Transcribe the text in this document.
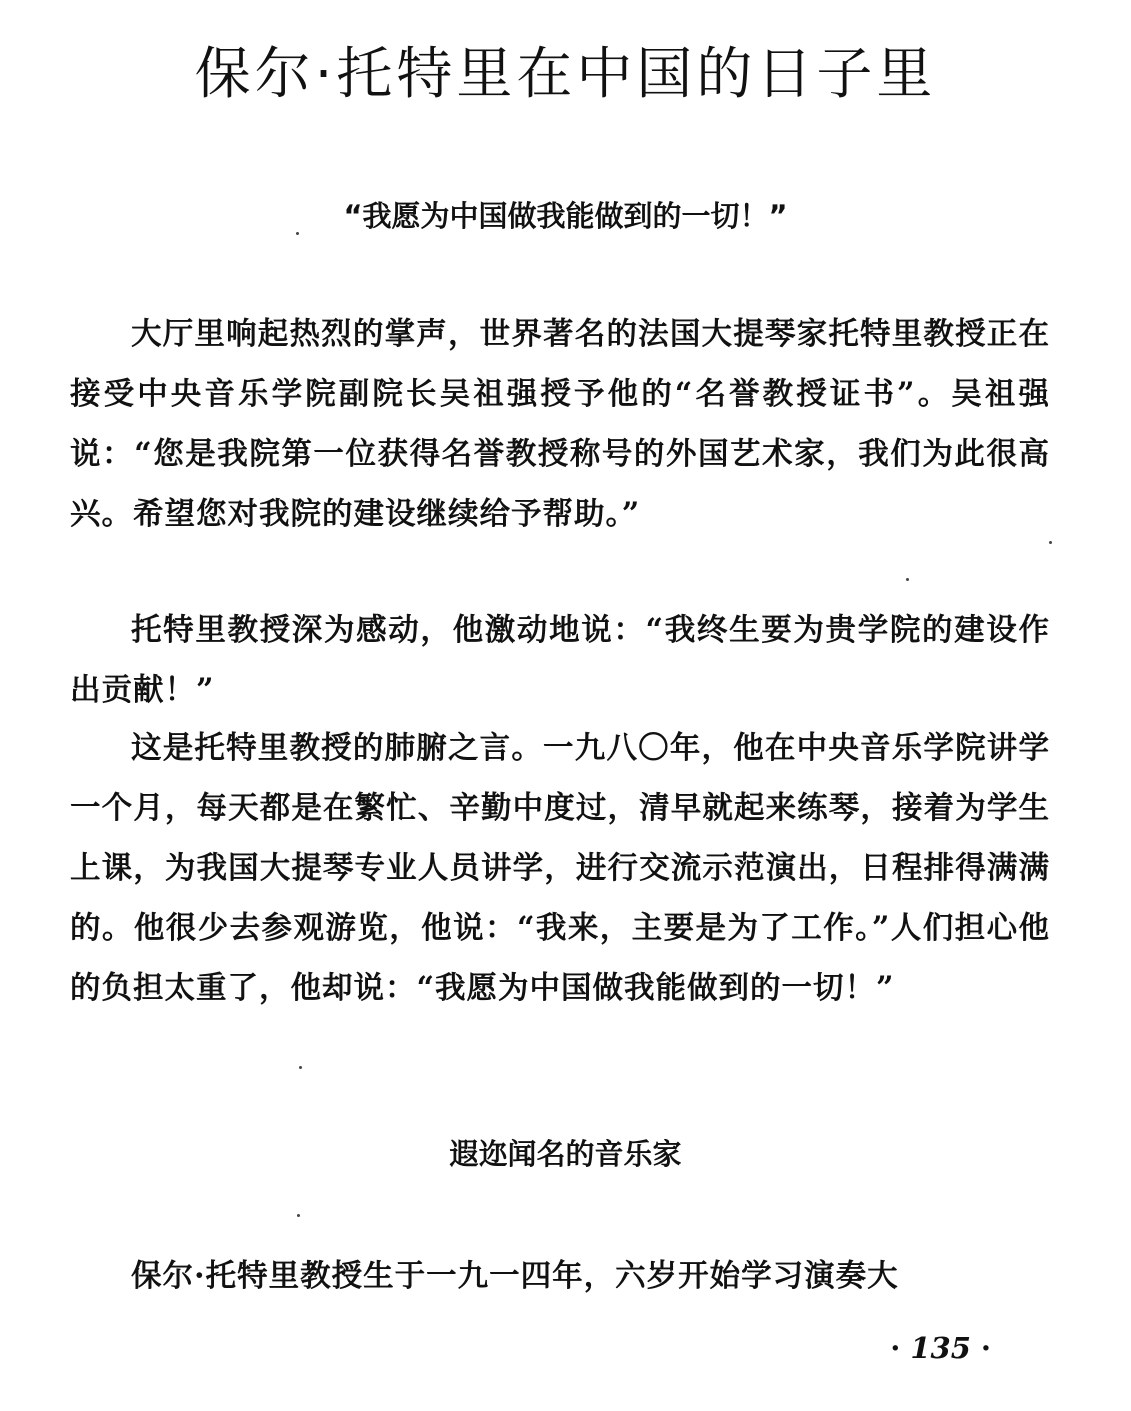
保尔·托特里在中国的日子里
“我愿为中国做我能做到的一切！”

大厅里响起热烈的掌声，世界著名的法国大提琴家托特里教授正在接受中央音乐学院副院长吴祖强授予他的“名誉教授证书”。吴祖强说：“您是我院第一位获得名誉教授称号的外国艺术家，我们为此很高兴。希望您对我院的建设继续给予帮助。”

托特里教授深为感动，他激动地说：“我终生要为贵学院的建设作出贡献！”

这是托特里教授的肺腑之言。一九八〇年，他在中央音乐学院讲学一个月，每天都是在繁忙、辛勤中度过，清早就起来练琴，接着为学生上课，为我国大提琴专业人员讲学，进行交流示范演出，日程排得满满的。他很少去参观游览，他说：“我来，主要是为了工作。”人们担心他的负担太重了，他却说：“我愿为中国做我能做到的一切！”

遐迩闻名的音乐家

保尔·托特里教授生于一九一四年，六岁开始学习演奏大

· 135 ·
